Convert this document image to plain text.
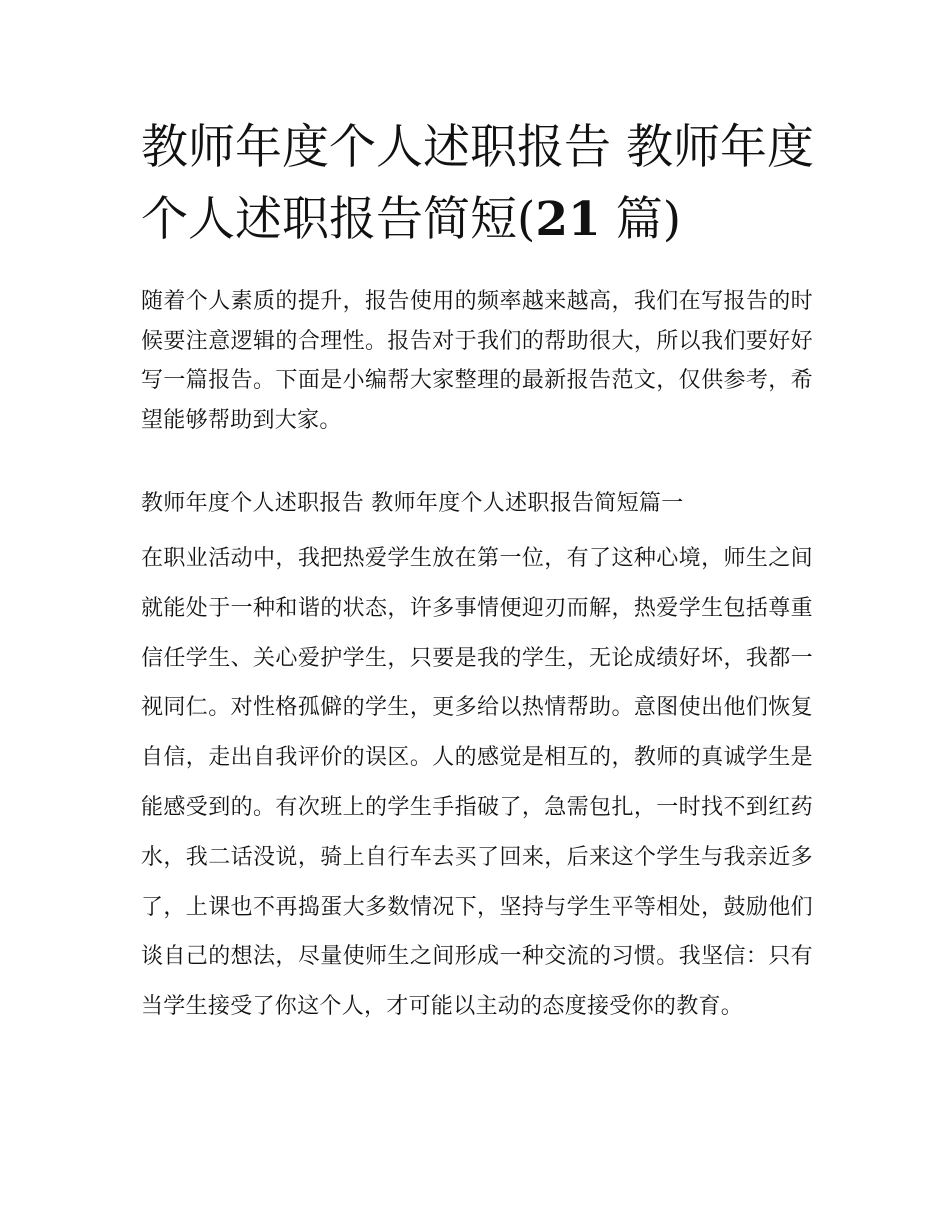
教师年度个人述职报告 教师年度个人述职报告简短(21 篇)

随着个人素质的提升，报告使用的频率越来越高，我们在写报告的时候要注意逻辑的合理性。报告对于我们的帮助很大，所以我们要好好写一篇报告。下面是小编帮大家整理的最新报告范文，仅供参考，希望能够帮助到大家。

教师年度个人述职报告 教师年度个人述职报告简短篇一

在职业活动中，我把热爱学生放在第一位，有了这种心境，师生之间就能处于一种和谐的状态，许多事情便迎刃而解，热爱学生包括尊重信任学生、关心爱护学生，只要是我的学生，无论成绩好坏，我都一视同仁。对性格孤僻的学生，更多给以热情帮助。意图使出他们恢复自信，走出自我评价的误区。人的感觉是相互的，教师的真诚学生是能感受到的。有次班上的学生手指破了，急需包扎，一时找不到红药水，我二话没说，骑上自行车去买了回来，后来这个学生与我亲近多了，上课也不再捣蛋大多数情况下，坚持与学生平等相处，鼓励他们谈自己的想法，尽量使师生之间形成一种交流的习惯。我坚信：只有当学生接受了你这个人，才可能以主动的态度接受你的教育。
